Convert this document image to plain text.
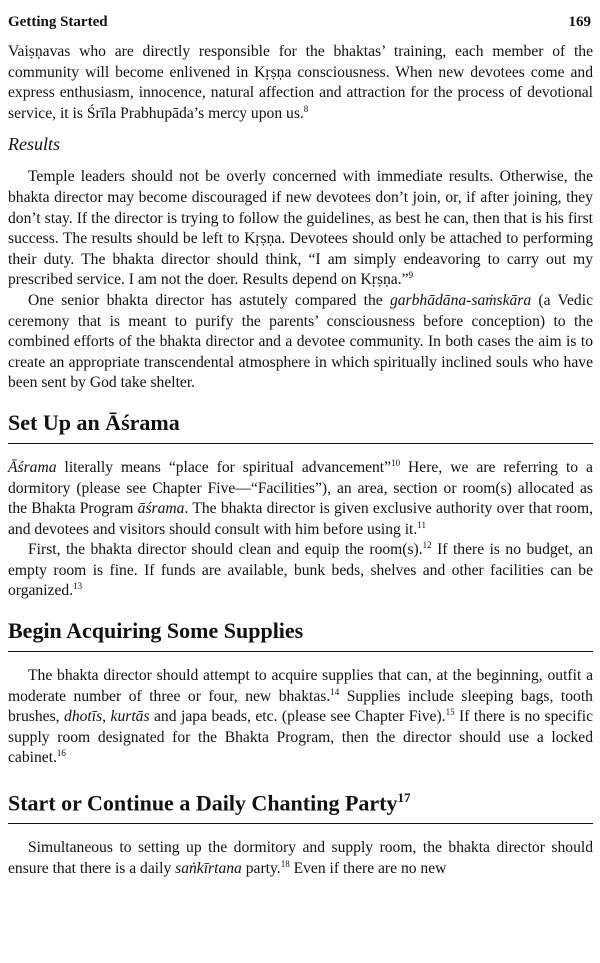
Getting Started	169

Vaiṣṇavas who are directly responsible for the bhaktas’ training, each member of the community will become enlivened in Kṛṣṇa consciousness. When new devotees come and express enthusiasm, innocence, natural affection and attraction for the process of devotional service, it is Śrīla Prabhupāda’s mercy upon us.$^8$

Results

Temple leaders should not be overly concerned with immediate results. Otherwise, the bhakta director may become discouraged if new devotees don’t join, or, if after joining, they don’t stay. If the director is trying to follow the guidelines, as best he can, then that is his first success. The results should be left to Kṛṣṇa. Devotees should only be attached to performing their duty. The bhakta director should think, “I am simply endeavoring to carry out my prescribed service. I am not the doer. Results depend on Kṛṣṇa.”$^9$

One senior bhakta director has astutely compared the garbhādāna-saṁskāra (a Vedic ceremony that is meant to purify the parents’ consciousness before conception) to the combined efforts of the bhakta director and a devotee community. In both cases the aim is to create an appropriate transcendental atmosphere in which spiritually inclined souls who have been sent by God take shelter.

Set Up an Āśrama

Āśrama literally means “place for spiritual advancement”$^{10}$ Here, we are referring to a dormitory (please see Chapter Five—“Facilities”), an area, section or room(s) allocated as the Bhakta Program āśrama. The bhakta director is given exclusive authority over that room, and devotees and visitors should consult with him before using it.$^{11}$

First, the bhakta director should clean and equip the room(s).$^{12}$ If there is no budget, an empty room is fine. If funds are available, bunk beds, shelves and other facilities can be organized.$^{13}$

Begin Acquiring Some Supplies

The bhakta director should attempt to acquire supplies that can, at the beginning, outfit a moderate number of three or four, new bhaktas.$^{14}$ Supplies include sleeping bags, tooth brushes, dhotīs, kurtās and japa beads, etc. (please see Chapter Five).$^{15}$ If there is no specific supply room designated for the Bhakta Program, then the director should use a locked cabinet.$^{16}$

Start or Continue a Daily Chanting Party$^{17}$

Simultaneous to setting up the dormitory and supply room, the bhakta director should ensure that there is a daily saṅkīrtana party.$^{18}$ Even if there are no new
